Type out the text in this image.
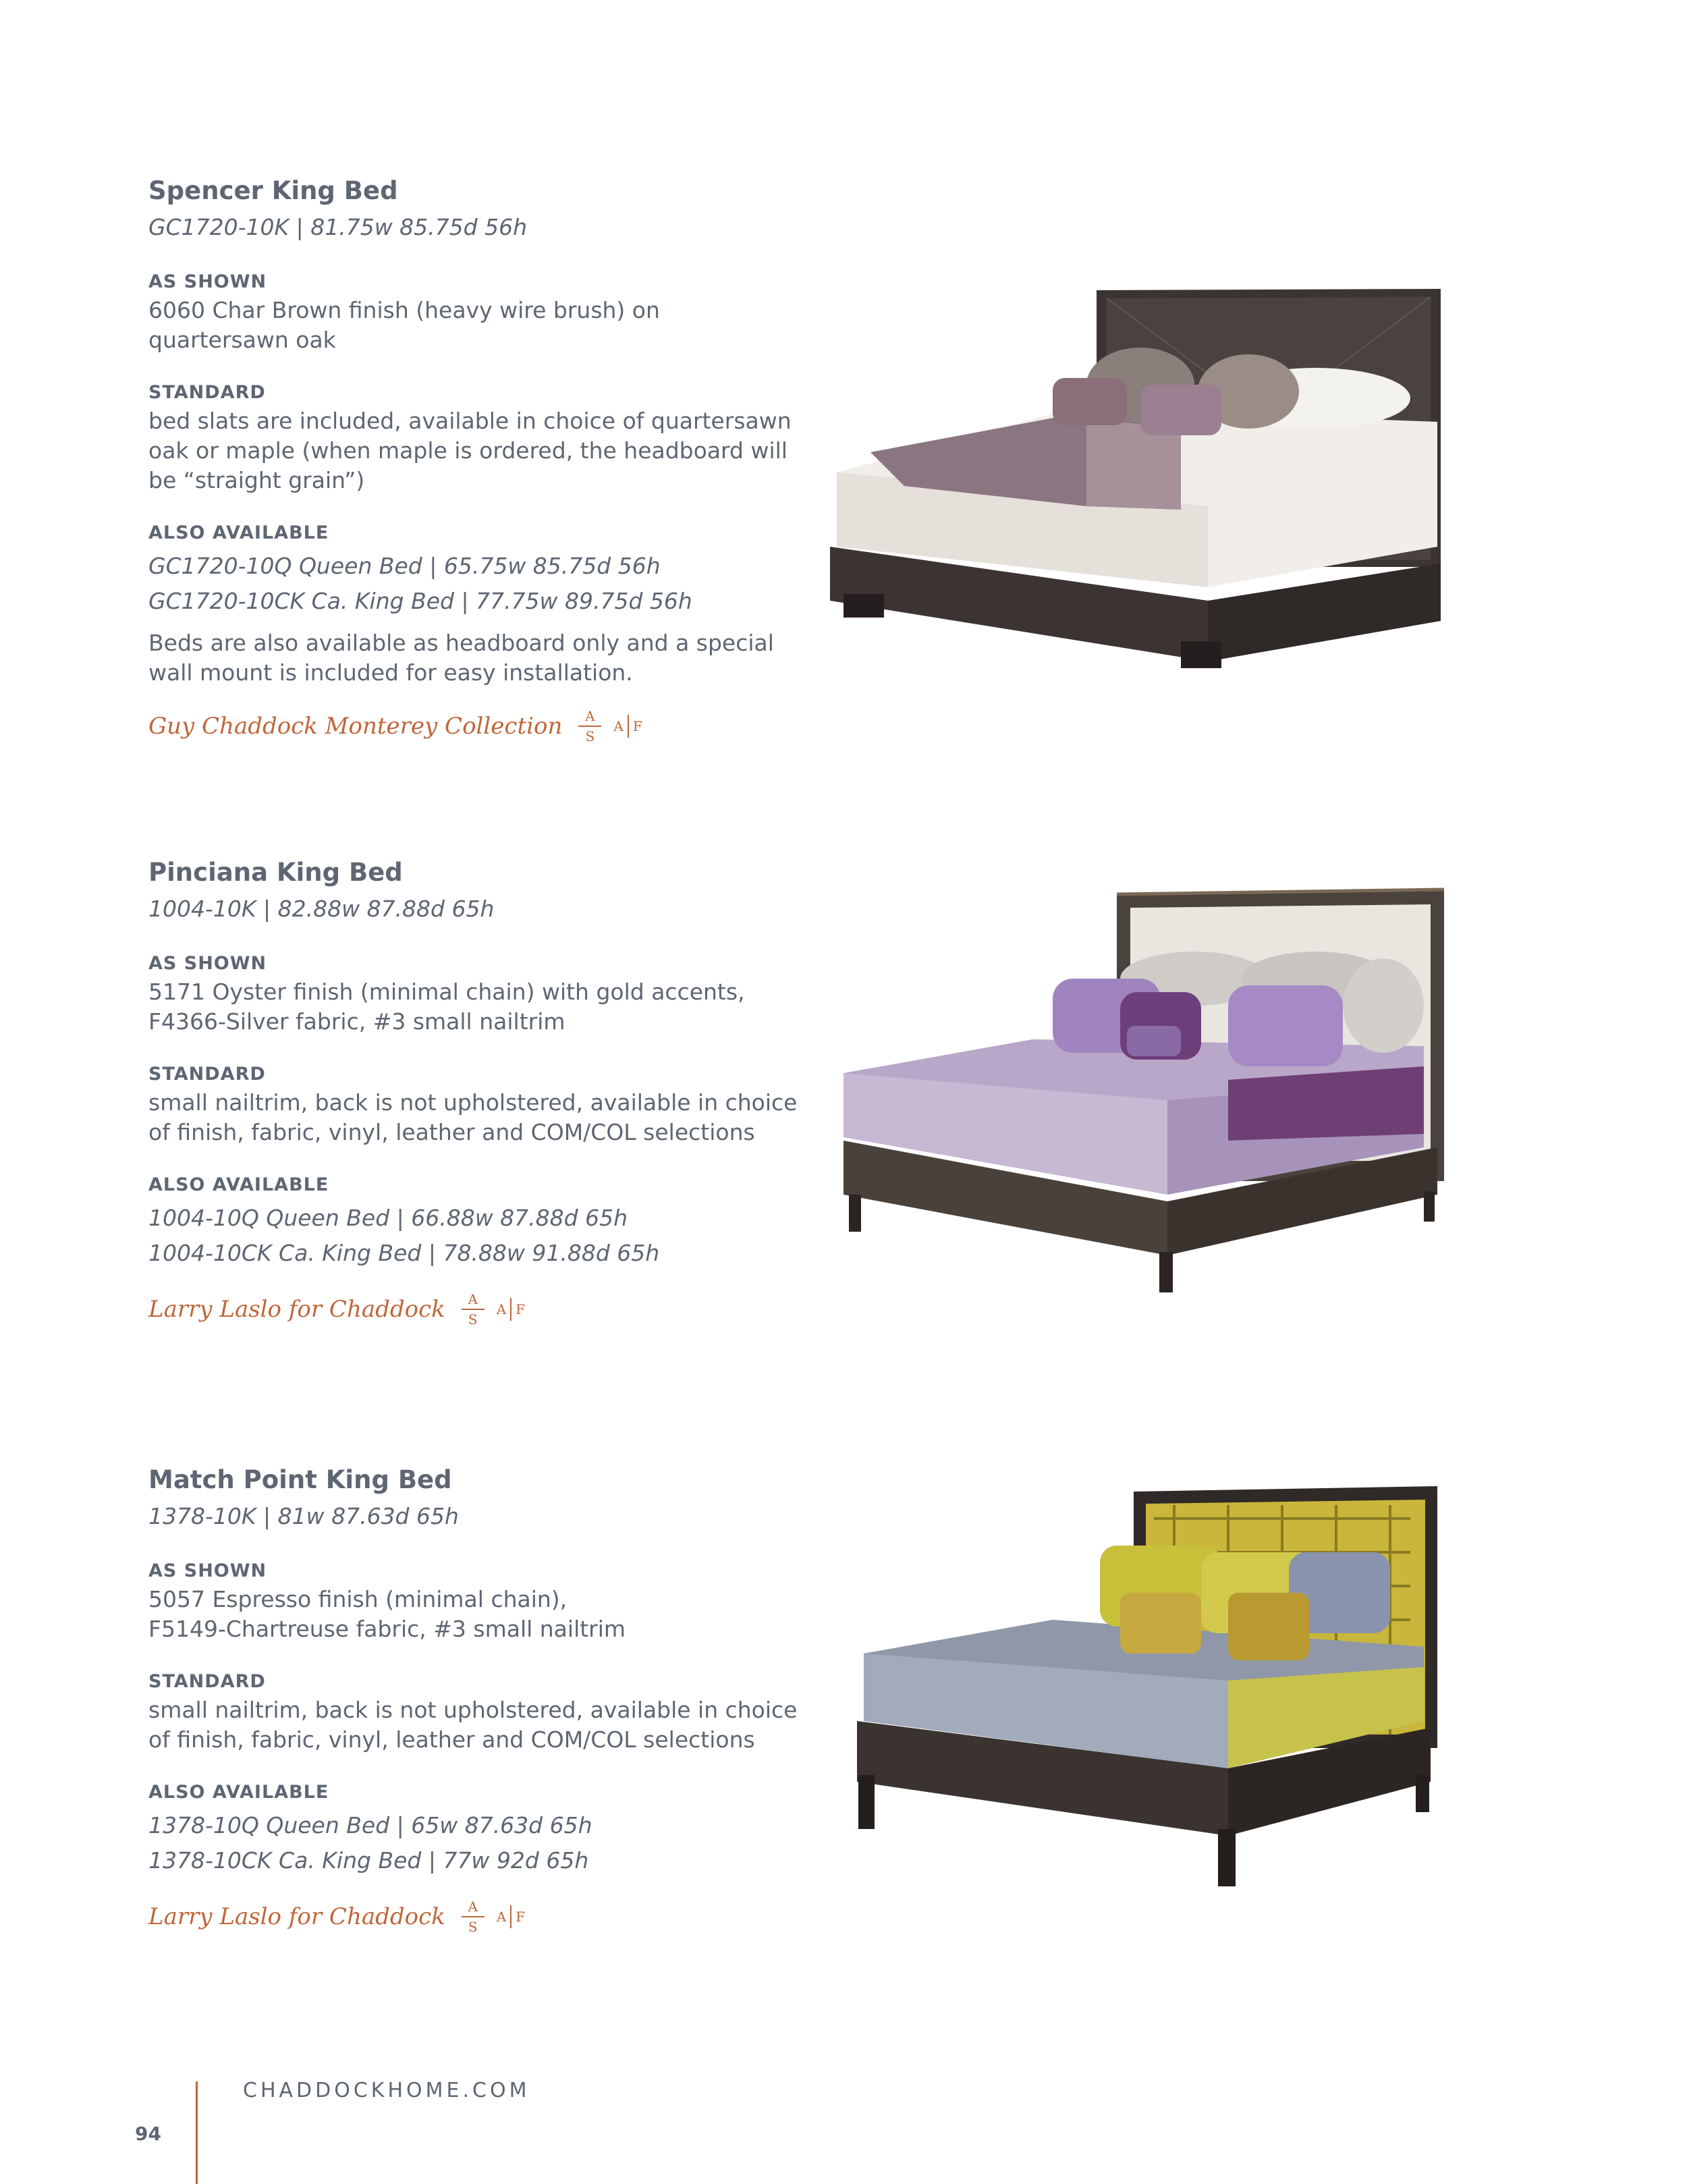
Spencer King Bed

GC1720-10K | 81.75w 85.75d 56h

AS SHOWN

6060 Char Brown finish (heavy wire brush) on
quartersawn oak

STANDARD

bed slats are included, available in choice of quartersawn
oak or maple (when maple is ordered, the headboard will
be “straight grain”)

ALSO AVAILABLE

GC1720-10Q Queen Bed | 65.75w 85.75d 56h

GC1720-10CK Ca. King Bed | 77.75w 89.75d 56h

Beds are also available as headboard only and a special
wall mount is included for easy installation.

Guy Chaddock Monterey Collection $\frac{A}{S}$ A F
Pinciana King Bed

1004-10K | 82.88w 87.88d 65h

AS SHOWN

5171 Oyster finish (minimal chain) with gold accents,
F4366-Silver fabric, #3 small nailtrim

STANDARD

small nailtrim, back is not upholstered, available in choice
of finish, fabric, vinyl, leather and COM/COL selections

ALSO AVAILABLE

1004-10Q Queen Bed | 66.88w 87.88d 65h

1004-10CK Ca. King Bed | 78.88w 91.88d 65h

Larry Laslo for Chaddock $\frac{A}{S}$ A F
Match Point King Bed

1378-10K | 81w 87.63d 65h

AS SHOWN

5057 Espresso finish (minimal chain),
F5149-Chartreuse fabric, #3 small nailtrim

STANDARD

small nailtrim, back is not upholstered, available in choice
of finish, fabric, vinyl, leather and COM/COL selections

ALSO AVAILABLE

1378-10Q Queen Bed | 65w 87.63d 65h

1378-10CK Ca. King Bed | 77w 92d 65h

Larry Laslo for Chaddock $\frac{A}{S}$ A F
CHADDOCKHOME.COM
94
